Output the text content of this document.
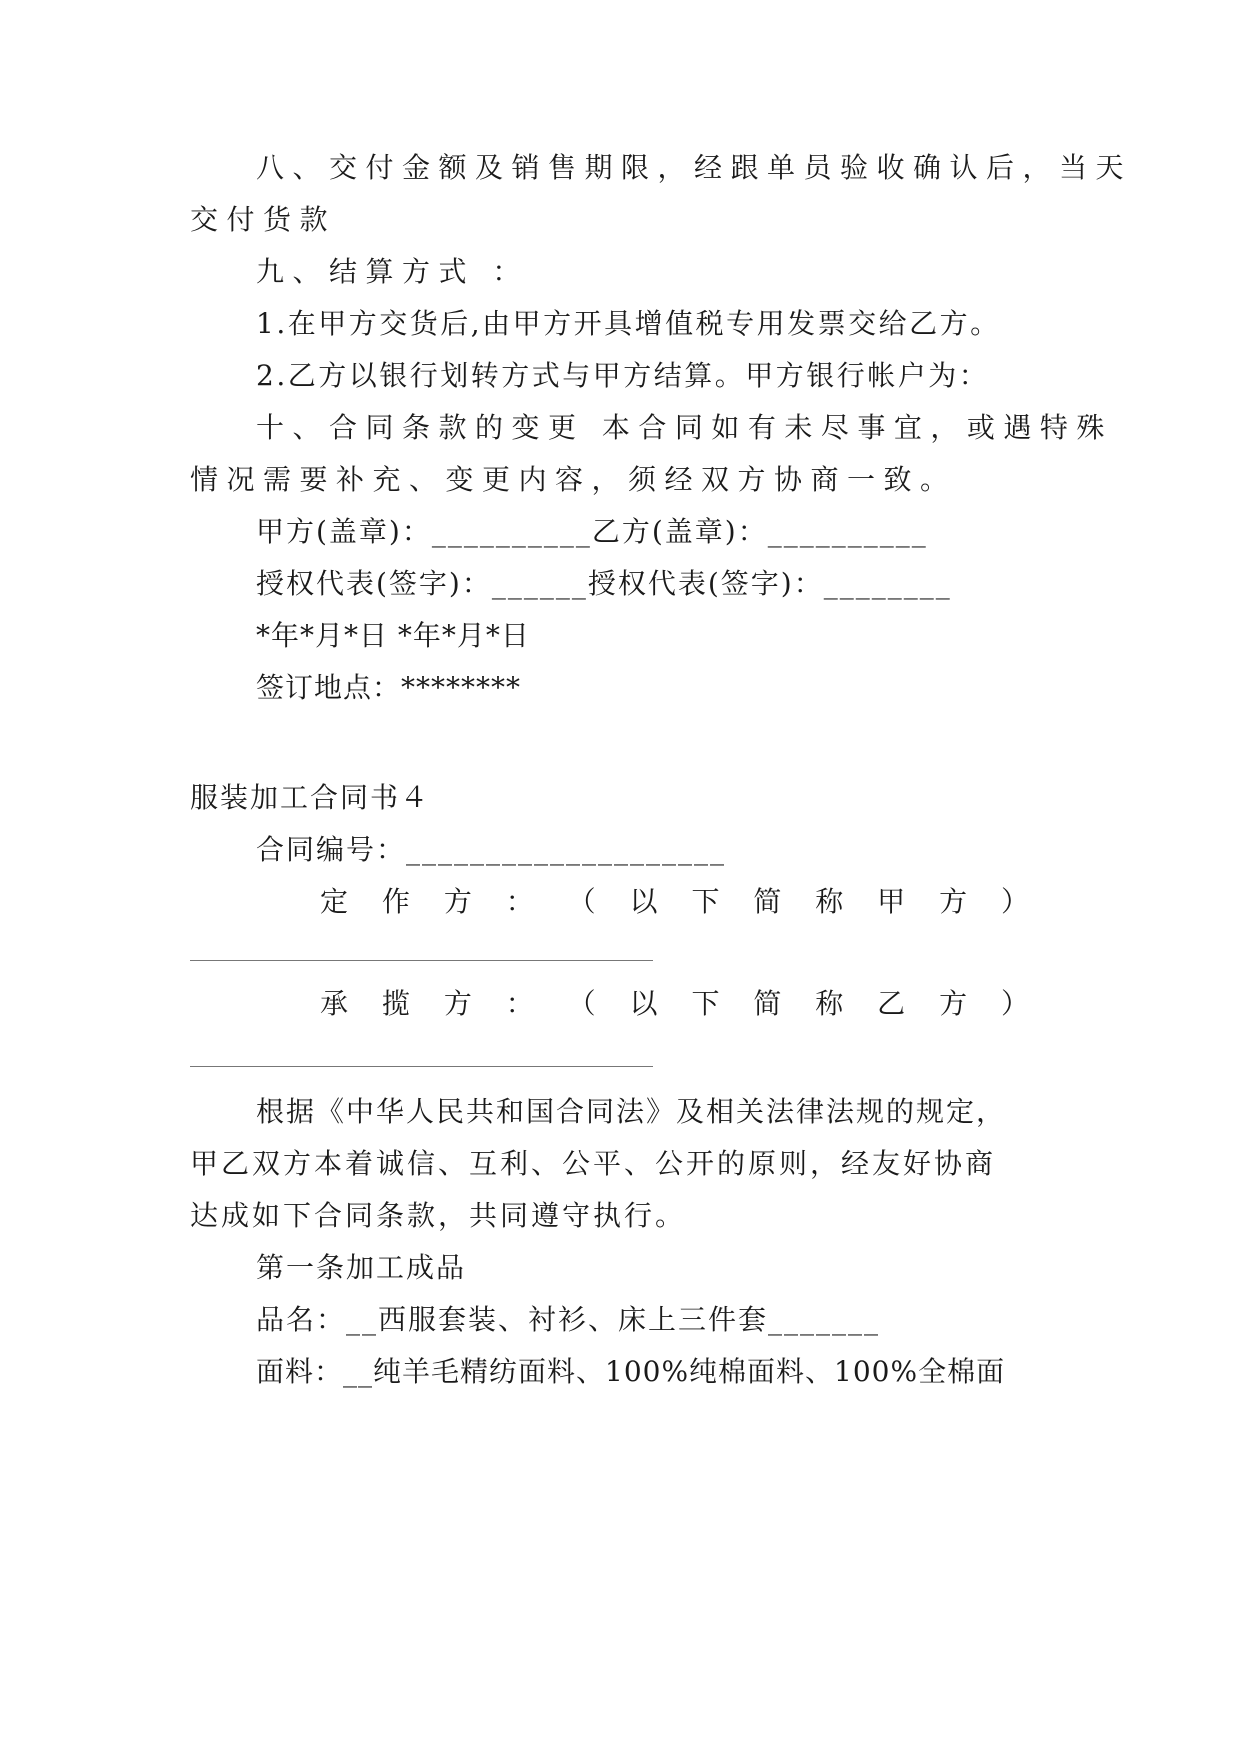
八、交付金额及销售期限，经跟单员验收确认后，当天
交付货款
九、结算方式 ：
1.在甲方交货后,由甲方开具增值税专用发票交给乙方。
2.乙方以银行划转方式与甲方结算。甲方银行帐户为：
十、合同条款的变更 本合同如有未尽事宜，或遇特殊
情况需要补充、变更内容，须经双方协商一致。
甲方(盖章)：__________乙方(盖章)：__________
授权代表(签字)：______授权代表(签字)：________
*年*月*日 *年*月*日
签订地点：********
服装加工合同书４
合同编号：____________________
定 作 方 ： （ 以 下 简 称 甲 方 ）
承 揽 方 ： （ 以 下 简 称 乙 方 ）
根据《中华人民共和国合同法》及相关法律法规的规定，
甲乙双方本着诚信、互利、公平、公开的原则，经友好协商
达成如下合同条款，共同遵守执行。
第一条加工成品
品名：__西服套装、衬衫、床上三件套_______
面料：__纯羊毛精纺面料、100%纯棉面料、100%全棉面
